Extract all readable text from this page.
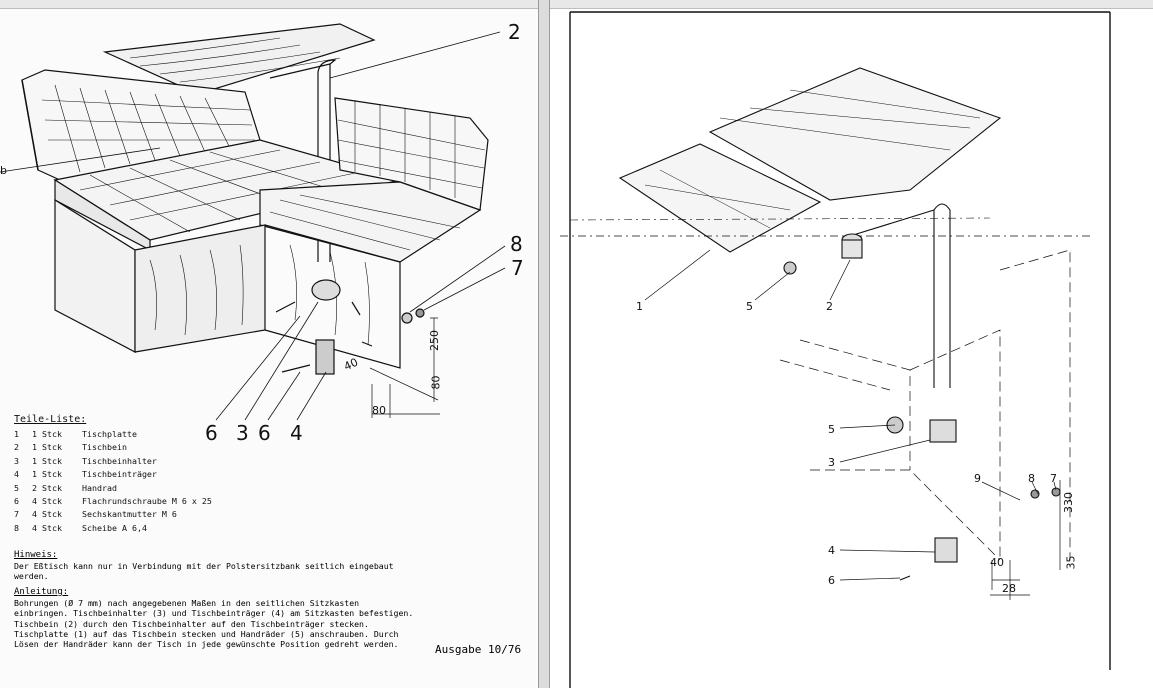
2
8
7
6 3 6 4
b
250
80
40
80
Teile-Liste:
1	1 Stck	Tischplatte
2	1 Stck	Tischbein
3	1 Stck	Tischbeinhalter
4	1 Stck	Tischbeinträger
5	2 Stck	Handrad
6	4 Stck	Flachrundschraube M 6 x 25
7	4 Stck	Sechskantmutter M 6
8	4 Stck	Scheibe A 6,4
Hinweis:
Der Eßtisch kann nur in Verbindung mit der Polstersitzbank seitlich eingebaut werden.
Anleitung:
Bohrungen (Ø 7 mm) nach angegebenen Maßen in den seitlichen Sitzkasten einbringen. Tischbeinhalter (3) und Tischbeinträger (4) am Sitzkasten befestigen. Tischbein (2) durch den Tischbeinhalter auf den Tischbeinträger stecken. Tischplatte (1) auf das Tischbein stecken und Handräder (5) anschrauben. Durch Lösen der Handräder kann der Tisch in jede gewünschte Position gedreht werden.	Ausgabe 10/76
1	5	2
5
3
9	8 7
4
6
330
40
28
35
